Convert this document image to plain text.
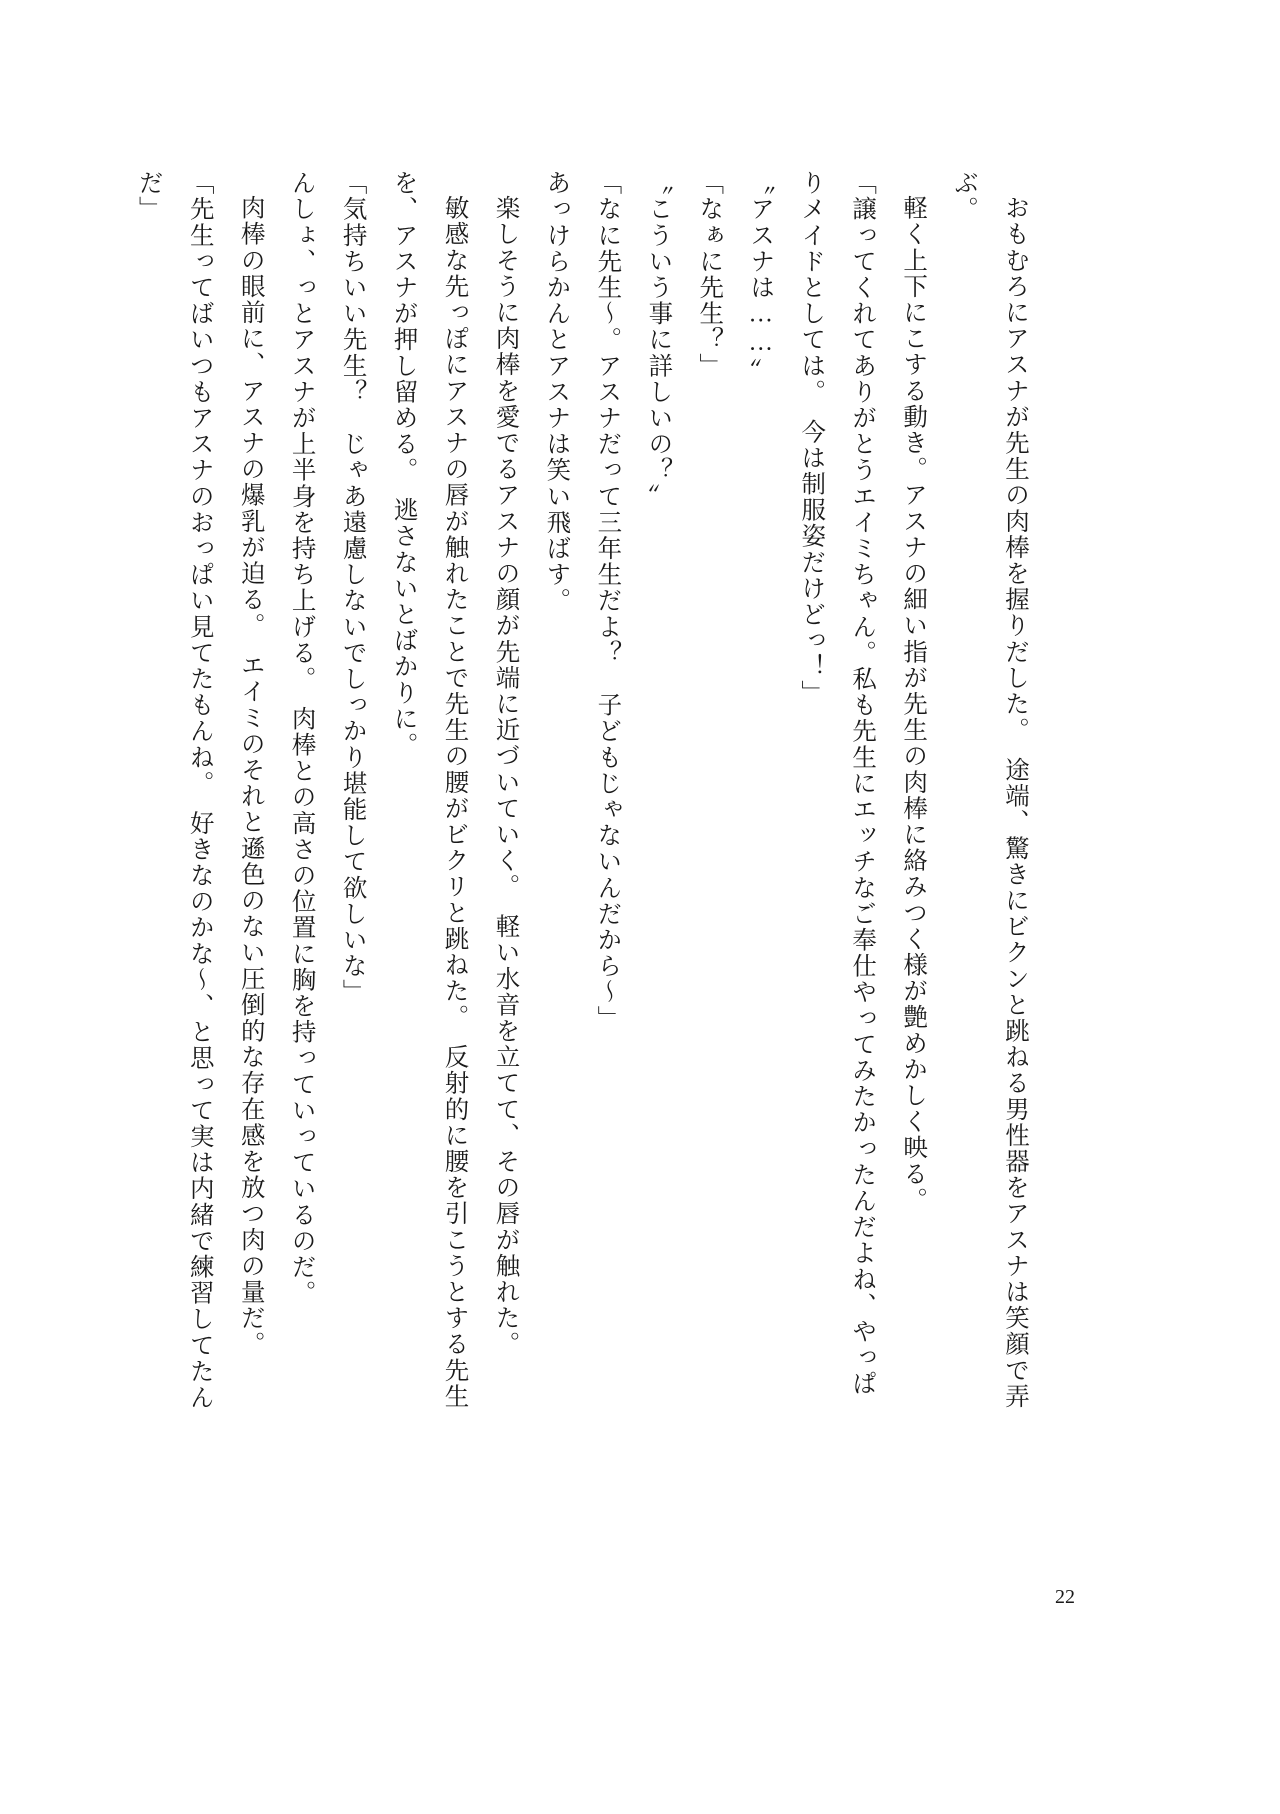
おもむろにアスナが先生の肉棒を握りだした。　途端、驚きにビクンと跳ねる男性器をアスナは笑顔で弄ぶ。

軽く上下にこする動き。アスナの細い指が先生の肉棒に絡みつく様が艶めかしく映る。

「譲ってくれてありがとうエイミちゃん。私も先生にエッチなご奉仕やってみたかったんだよね、やっぱりメイドとしては。　今は制服姿だけどっ！」

〝アスナは……〟

「なぁに先生？」

〝こういう事に詳しいの？〟

「なに先生〜。アスナだって三年生だよ？　子どもじゃないんだから〜」

あっけらかんとアスナは笑い飛ばす。

楽しそうに肉棒を愛でるアスナの顔が先端に近づいていく。　軽い水音を立てて、その唇が触れた。

敏感な先っぽにアスナの唇が触れたことで先生の腰がビクリと跳ねた。　反射的に腰を引こうとする先生を、アスナが押し留める。　逃さないとばかりに。

「気持ちいい先生？　じゃあ遠慮しないでしっかり堪能して欲しいな」

んしょ、っとアスナが上半身を持ち上げる。　肉棒との高さの位置に胸を持っていっているのだ。

肉棒の眼前に、アスナの爆乳が迫る。　エイミのそれと遜色のない圧倒的な存在感を放つ肉の量だ。

「先生ってばいつもアスナのおっぱい見てたもんね。　好きなのかな〜、と思って実は内緒で練習してたんだ」

22
